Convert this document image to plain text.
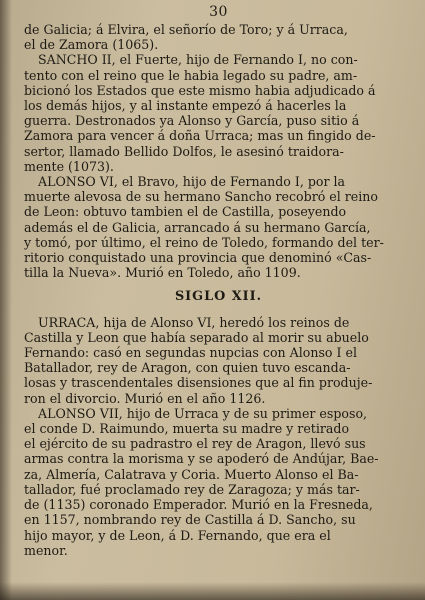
30
de Galicia; á Elvira, el señorío de Toro; y á Urraca,
el de Zamora (1065).
SANCHO II, el Fuerte, hijo de Fernando I, no con-
tento con el reino que le habia legado su padre, am-
bicionó los Estados que este mismo habia adjudicado á
los demás hijos, y al instante empezó á hacerles la
guerra. Destronados ya Alonso y García, puso sitio á
Zamora para vencer á doña Urraca; mas un fingido de-
sertor, llamado Bellido Dolfos, le asesinó traidora-
mente (1073).
ALONSO VI, el Bravo, hijo de Fernando I, por la
muerte alevosa de su hermano Sancho recobró el reino
de Leon: obtuvo tambien el de Castilla, poseyendo
además el de Galicia, arrancado á su hermano García,
y tomó, por último, el reino de Toledo, formando del ter-
ritorio conquistado una provincia que denominó «Cas-
tilla la Nueva». Murió en Toledo, año 1109.
SIGLO XII.
URRACA, hija de Alonso VI, heredó los reinos de
Castilla y Leon que había separado al morir su abuelo
Fernando: casó en segundas nupcias con Alonso I el
Batallador, rey de Aragon, con quien tuvo escanda-
losas y trascendentales disensiones que al fin produje-
ron el divorcio. Murió en el año 1126.
ALONSO VII, hijo de Urraca y de su primer esposo,
el conde D. Raimundo, muerta su madre y retirado
el ejército de su padrastro el rey de Aragon, llevó sus
armas contra la morisma y se apoderó de Andújar, Bae-
za, Almería, Calatrava y Coria. Muerto Alonso el Ba-
tallador, fué proclamado rey de Zaragoza; y más tar-
de (1135) coronado Emperador. Murió en la Fresneda,
en 1157, nombrando rey de Castilla á D. Sancho, su
hijo mayor, y de Leon, á D. Fernando, que era el
menor.
